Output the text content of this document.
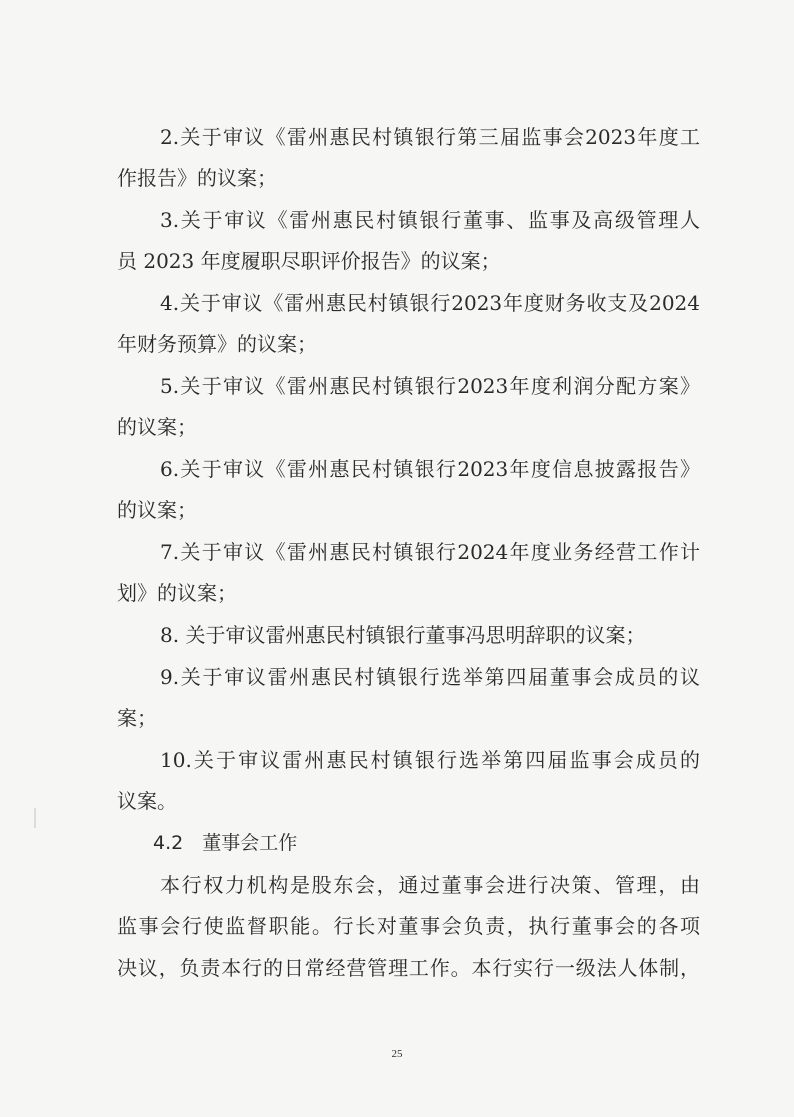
2.关于审议《雷州惠民村镇银行第三届监事会2023年度工
作报告》的议案；
3.关于审议《雷州惠民村镇银行董事、监事及高级管理人
员 2023 年度履职尽职评价报告》的议案；
4.关于审议《雷州惠民村镇银行2023年度财务收支及2024
年财务预算》的议案；
5.关于审议《雷州惠民村镇银行2023年度利润分配方案》
的议案；
6.关于审议《雷州惠民村镇银行2023年度信息披露报告》
的议案；
7.关于审议《雷州惠民村镇银行2024年度业务经营工作计
划》的议案；
8. 关于审议雷州惠民村镇银行董事冯思明辞职的议案；
9.关于审议雷州惠民村镇银行选举第四届董事会成员的议
案；
10.关于审议雷州惠民村镇银行选举第四届监事会成员的
议案。
4.2　董事会工作
本行权力机构是股东会，通过董事会进行决策、管理，由
监事会行使监督职能。行长对董事会负责，执行董事会的各项
决议，负责本行的日常经营管理工作。本行实行一级法人体制，
25
